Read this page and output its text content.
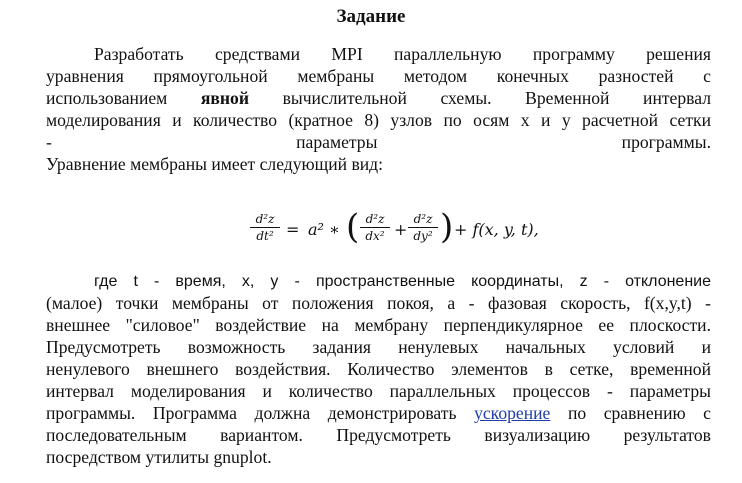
Задание
Разработать средствами MPI параллельную программу решения
уравнения прямоугольной мембраны методом конечных разностей с
использованием явной вычислительной схемы. Временной интервал
моделирования и количество (кратное 8) узлов по осям x и y расчетной сетки
- параметры программы.
Уравнение мембраны имеет следующий вид:
d²z
dt² = a² ∗ ( d²z
dx² +
d²z
dy² ) + f(x, y, t),
где t - время, x, y - пространственные координаты, z - отклонение
(малое) точки мембраны от положения покоя, a - фазовая скорость, f(x,y,t) -
внешнее "силовое" воздействие на мембрану перпендикулярное ее плоскости.
Предусмотреть возможность задания ненулевых начальных условий и
ненулевого внешнего воздействия. Количество элементов в сетке, временной
интервал моделирования и количество параллельных процессов - параметры
программы. Программа должна демонстрировать ускорение по сравнению с
последовательным вариантом. Предусмотреть визуализацию результатов
посредством утилиты gnuplot.
